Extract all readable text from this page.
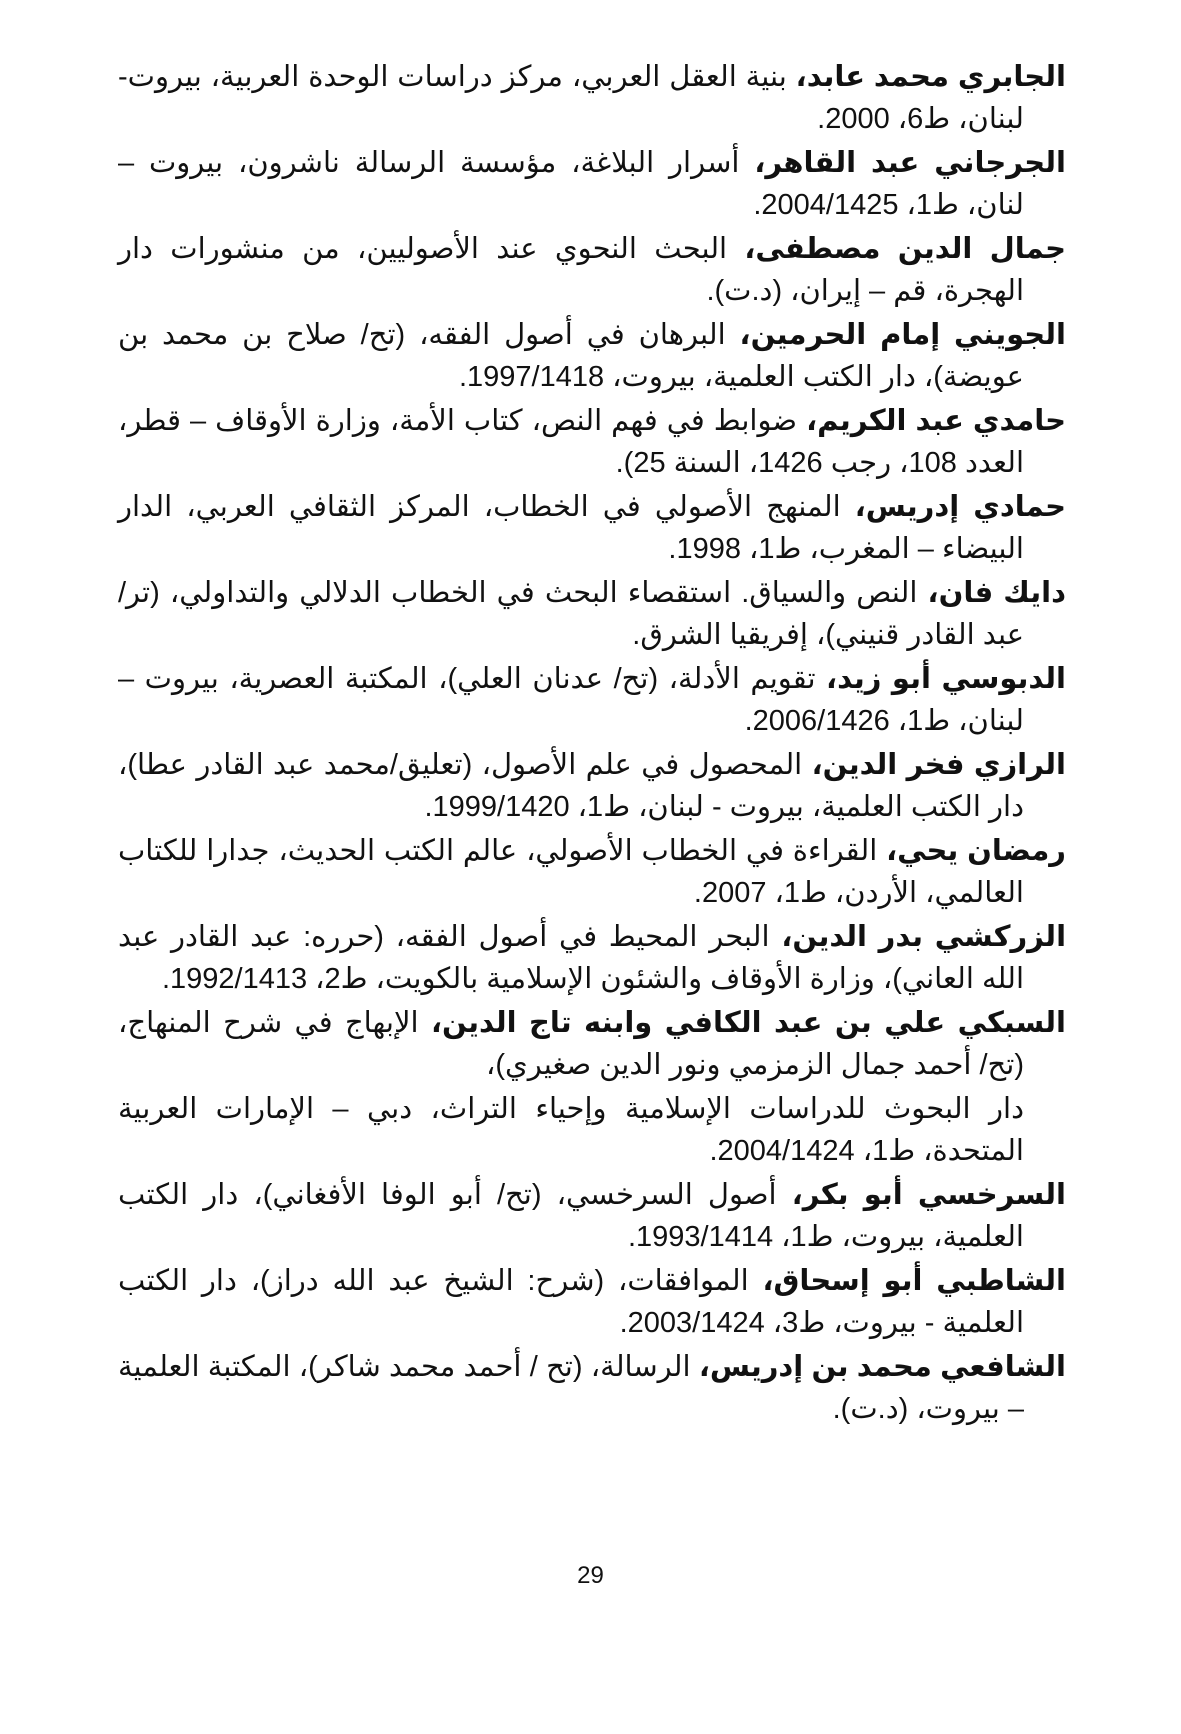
الجابري محمد عابد، بنية العقل العربي، مركز دراسات الوحدة العربية، بيروت- لبنان، ط6، 2000.

الجرجاني عبد القاهر، أسرار البلاغة، مؤسسة الرسالة ناشرون، بيروت – لنان، ط1، 2004/1425.

جمال الدين مصطفى، البحث النحوي عند الأصوليين، من منشورات دار الهجرة، قم – إيران، (د.ت).

الجويني إمام الحرمين، البرهان في أصول الفقه، (تح/ صلاح بن محمد بن عويضة)، دار الكتب العلمية، بيروت، 1997/1418.

حامدي عبد الكريم، ضوابط في فهم النص، كتاب الأمة، وزارة الأوقاف – قطر، العدد 108، رجب 1426، السنة 25).

حمادي إدريس، المنهج الأصولي في الخطاب، المركز الثقافي العربي، الدار البيضاء – المغرب، ط1، 1998.

دايك فان، النص والسياق. استقصاء البحث في الخطاب الدلالي والتداولي، (تر/ عبد القادر قنيني)، إفريقيا الشرق.

الدبوسي أبو زيد، تقويم الأدلة، (تح/ عدنان العلي)، المكتبة العصرية، بيروت – لبنان، ط1، 2006/1426.

الرازي فخر الدين، المحصول في علم الأصول، (تعليق/محمد عبد القادر عطا)، دار الكتب العلمية، بيروت - لبنان، ط1، 1999/1420.

رمضان يحي، القراءة في الخطاب الأصولي، عالم الكتب الحديث، جدارا للكتاب العالمي، الأردن، ط1، 2007.

الزركشي بدر الدين، البحر المحيط في أصول الفقه، (حرره: عبد القادر عبد الله العاني)، وزارة الأوقاف والشئون الإسلامية بالكويت، ط2، 1992/1413.

السبكي علي بن عبد الكافي وابنه تاج الدين، الإبهاج في شرح المنهاج، (تح/ أحمد جمال الزمزمي ونور الدين صغيري)،

دار البحوث للدراسات الإسلامية وإحياء التراث، دبي – الإمارات العربية المتحدة، ط1، 2004/1424.

السرخسي أبو بكر، أصول السرخسي، (تح/ أبو الوفا الأفغاني)، دار الكتب العلمية، بيروت، ط1، 1993/1414.

الشاطبي أبو إسحاق، الموافقات، (شرح: الشيخ عبد الله دراز)، دار الكتب العلمية - بيروت، ط3، 2003/1424.

الشافعي محمد بن إدريس، الرسالة، (تح / أحمد محمد شاكر)، المكتبة العلمية – بيروت، (د.ت).

29
